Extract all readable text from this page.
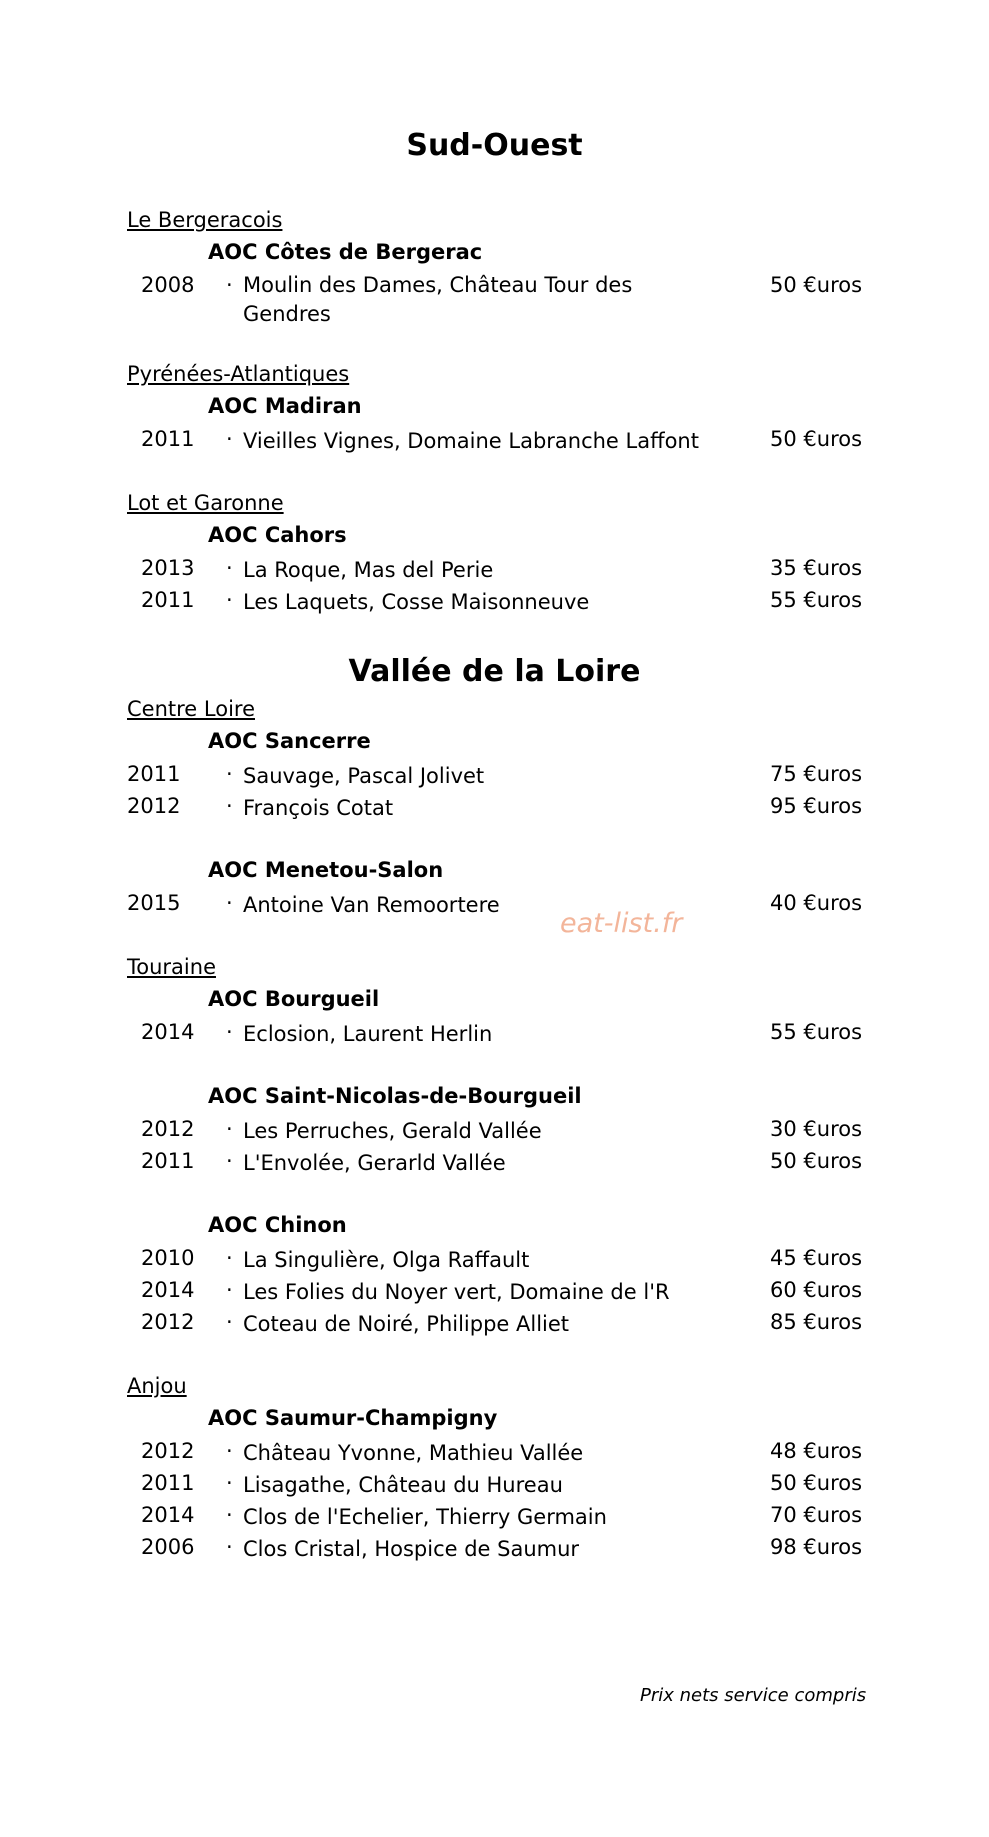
Sud-Ouest
Le Bergeracois
AOC Côtes de Bergerac
2008 · Moulin des Dames, Château Tour des Gendres
50 €uros
Pyrénées-Atlantiques
AOC Madiran
2011 · Vieilles Vignes, Domaine Labranche Laffont	50 €uros
Lot et Garonne
AOC Cahors
2013 · La Roque, Mas del Perie	35 €uros
2011 · Les Laquets, Cosse Maisonneuve	55 €uros
Vallée de la Loire
Centre Loire
AOC Sancerre
2011 · Sauvage, Pascal Jolivet	75 €uros
2012 · François Cotat	95 €uros
AOC Menetou-Salon
2015 · Antoine Van Remoortere	40 €uros
Touraine
AOC Bourgueil
2014 · Eclosion, Laurent Herlin	55 €uros
AOC Saint-Nicolas-de-Bourgueil
2012 · Les Perruches, Gerald Vallée	30 €uros
2011 · L'Envolée, Gerarld Vallée	50 €uros
AOC Chinon
2010 · La Singulière, Olga Raffault	45 €uros
2014 · Les Folies du Noyer vert, Domaine de l'R	60 €uros
2012 · Coteau de Noiré, Philippe Alliet	85 €uros
Anjou
AOC Saumur-Champigny
2012 · Château Yvonne, Mathieu Vallée	48 €uros
2011 · Lisagathe, Château du Hureau	50 €uros
2014 · Clos de l'Echelier, Thierry Germain	70 €uros
2006 · Clos Cristal, Hospice de Saumur	98 €uros
eat-list.fr
Prix nets service compris
